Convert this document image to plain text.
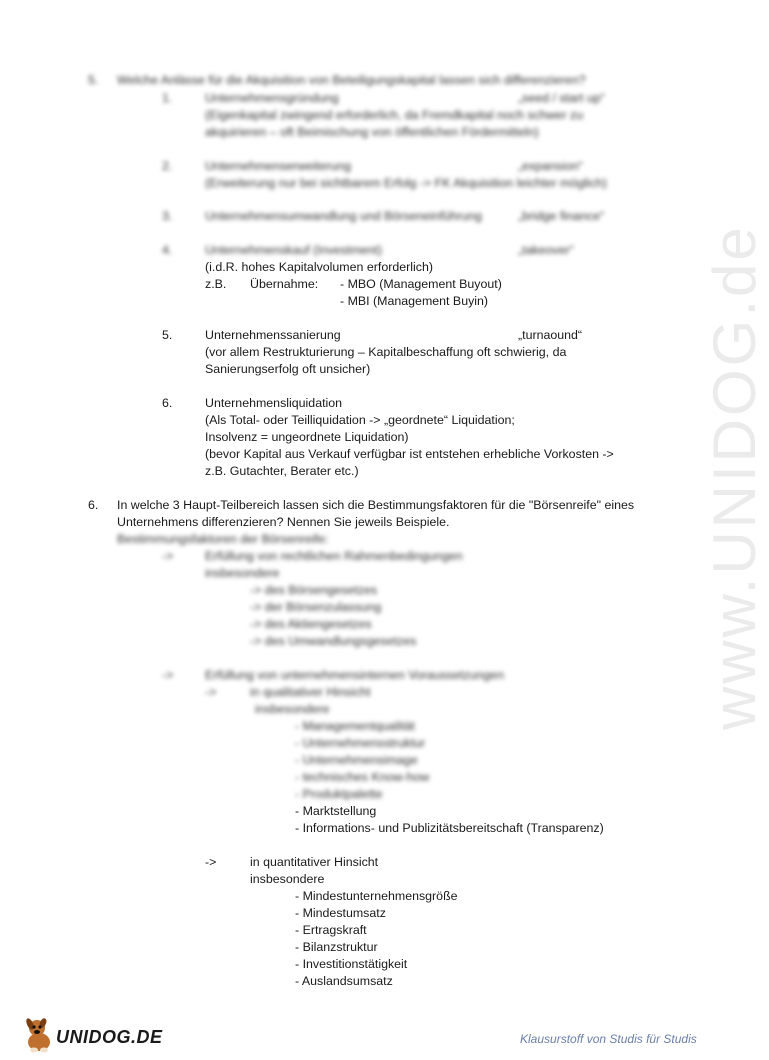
www.UNIDOG.de
5. Welche Anlässe für die Akquisition von Beteiligungskapital lassen sich differenzieren?
1.	Unternehmensgründung	„seed / start up“
(Eigenkapital zwingend erforderlich, da Fremdkapital noch schwer zu
akquirieren – oft Beimischung von öffentlichen Fördermitteln)
2.	Unternehmenserweiterung	„expansion“
(Erweiterung nur bei sichtbarem Erfolg -> FK Akquisition leichter möglich)
3.	Unternehmensumwandlung und Börseneinführung	„bridge finance“
4.	Unternehmenskauf (Investment)	„takeover“
(i.d.R. hohes Kapitalvolumen erforderlich)
z.B. Übernahme: - MBO (Management Buyout)
- MBI (Management Buyin)
5.	Unternehmenssanierung	„turnaound“
(vor allem Restrukturierung – Kapitalbeschaffung oft schwierig, da
Sanierungserfolg oft unsicher)
6.	Unternehmensliquidation
(Als Total- oder Teilliquidation -> „geordnete“ Liquidation;
Insolvenz = ungeordnete Liquidation)
(bevor Kapital aus Verkauf verfügbar ist entstehen erhebliche Vorkosten ->
z.B. Gutachter, Berater etc.)
6. In welche 3 Haupt-Teilbereich lassen sich die Bestimmungsfaktoren für die "Börsenreife" eines
Unternehmens differenzieren? Nennen Sie jeweils Beispiele.
Bestimmungsfaktoren der Börsenreife:
->	Erfüllung von rechtlichen Rahmenbedingungen
insbesondere
-> des Börsengesetzes
-> der Börsenzulassung
-> des Aktiengesetzes
-> des Umwandlungsgesetzes
->	Erfüllung von unternehmensinternen Voraussetzungen
->	in qualitativer Hinsicht
insbesondere
- Managementqualität
- Unternehmensstruktur
- Unternehmensimage
- technisches Know-how
- Produktpalette
- Marktstellung
- Informations- und Publizitätsbereitschaft (Transparenz)
->	in quantitativer Hinsicht
insbesondere
- Mindestunternehmensgröße
- Mindestumsatz
- Ertragskraft
- Bilanzstruktur
- Investitionstätigkeit
- Auslandsumsatz
UNIDOG.DE	Klausurstoff von Studis für Studis
